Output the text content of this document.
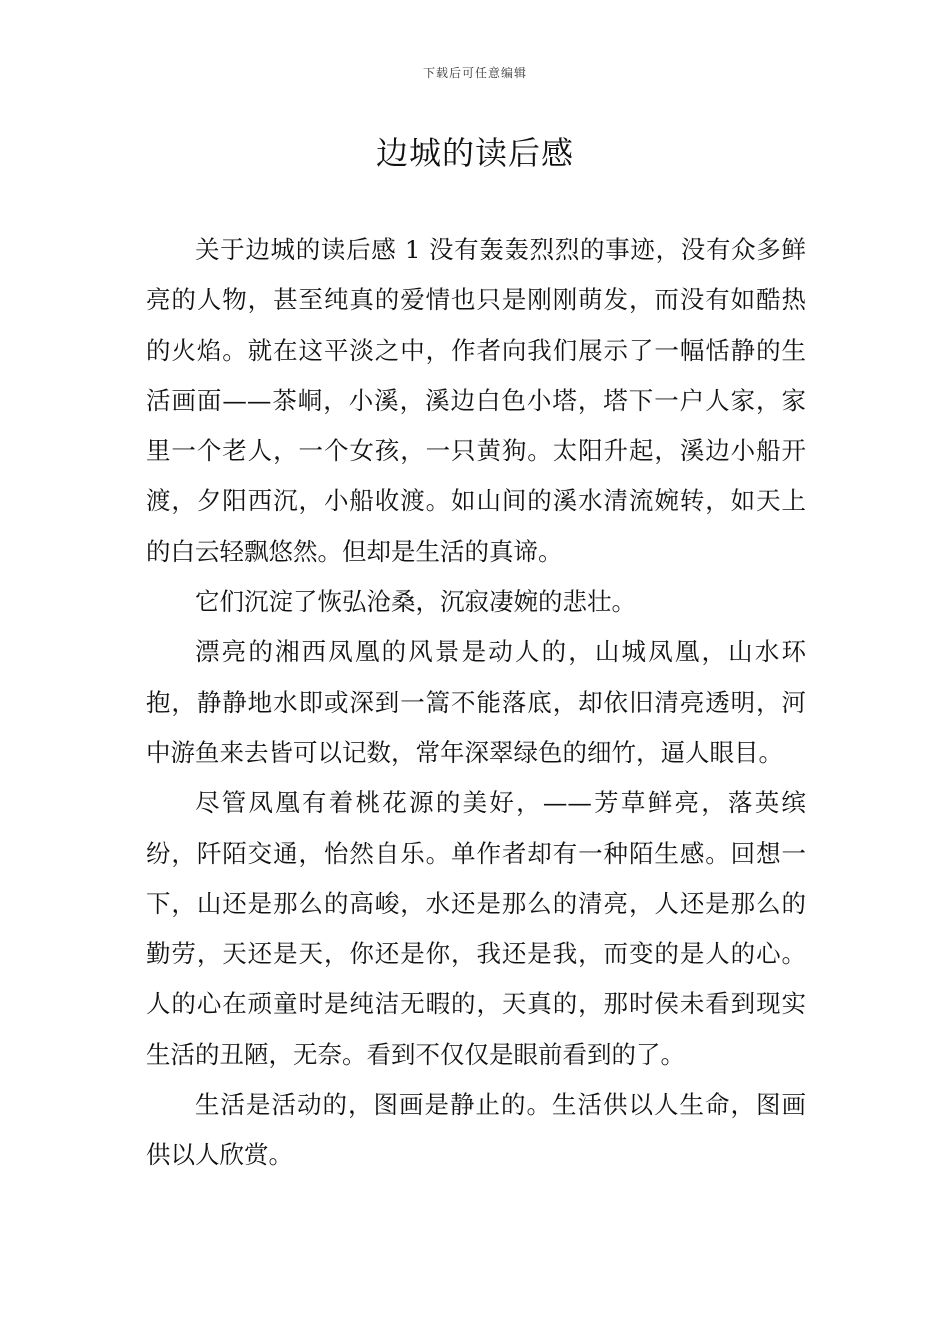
下载后可任意编辑
边城的读后感

关于边城的读后感 1 没有轰轰烈烈的事迹，没有众多鲜亮的人物，甚至纯真的爱情也只是刚刚萌发，而没有如酷热的火焰。就在这平淡之中，作者向我们展示了一幅恬静的生活画面——茶峒，小溪，溪边白色小塔，塔下一户人家，家里一个老人，一个女孩，一只黄狗。太阳升起，溪边小船开渡，夕阳西沉，小船收渡。如山间的溪水清流婉转，如天上的白云轻飘悠然。但却是生活的真谛。

它们沉淀了恢弘沧桑，沉寂凄婉的悲壮。

漂亮的湘西凤凰的风景是动人的，山城凤凰，山水环抱，静静地水即或深到一篙不能落底，却依旧清亮透明，河中游鱼来去皆可以记数，常年深翠绿色的细竹，逼人眼目。

尽管凤凰有着桃花源的美好，——芳草鲜亮，落英缤纷，阡陌交通，怡然自乐。单作者却有一种陌生感。回想一下，山还是那么的高峻，水还是那么的清亮，人还是那么的勤劳，天还是天，你还是你，我还是我，而变的是人的心。人的心在顽童时是纯洁无暇的，天真的，那时侯未看到现实生活的丑陋，无奈。看到不仅仅是眼前看到的了。

生活是活动的，图画是静止的。生活供以人生命，图画供以人欣赏。
